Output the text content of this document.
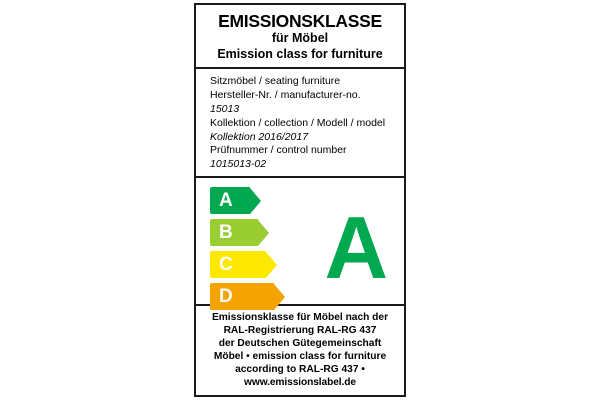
EMISSIONSKLASSE
für Möbel
Emission class for furniture
Sitzmöbel / seating furniture
Hersteller-Nr. / manufacturer-no.
15013
Kollektion / collection / Modell / model
Kollektion 2016/2017
Prüfnummer / control number
1015013-02
A
B
C
D A
Emissionsklasse für Möbel nach der
RAL-Registrierung RAL-RG 437
der Deutschen Gütegemeinschaft
Möbel • emission class for furniture
according to RAL-RG 437 •
www.emissionslabel.de
